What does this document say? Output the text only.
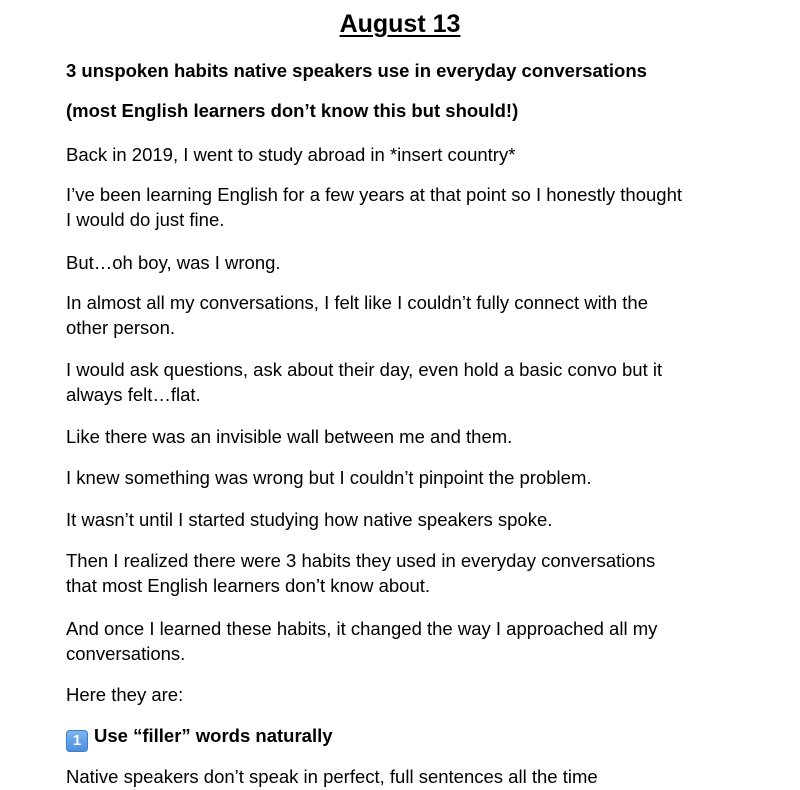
August 13

3 unspoken habits native speakers use in everyday conversations

(most English learners don’t know this but should!)

Back in 2019, I went to study abroad in *insert country*

I’ve been learning English for a few years at that point so I honestly thought

I would do just fine.

But…oh boy, was I wrong.

In almost all my conversations, I felt like I couldn’t fully connect with the

other person.

I would ask questions, ask about their day, even hold a basic convo but it

always felt…flat.

Like there was an invisible wall between me and them.

I knew something was wrong but I couldn’t pinpoint the problem.

It wasn’t until I started studying how native speakers spoke.

Then I realized there were 3 habits they used in everyday conversations

that most English learners don’t know about.

And once I learned these habits, it changed the way I approached all my

conversations.

Here they are:

1 Use “filler” words naturally

Native speakers don’t speak in perfect, full sentences all the time
